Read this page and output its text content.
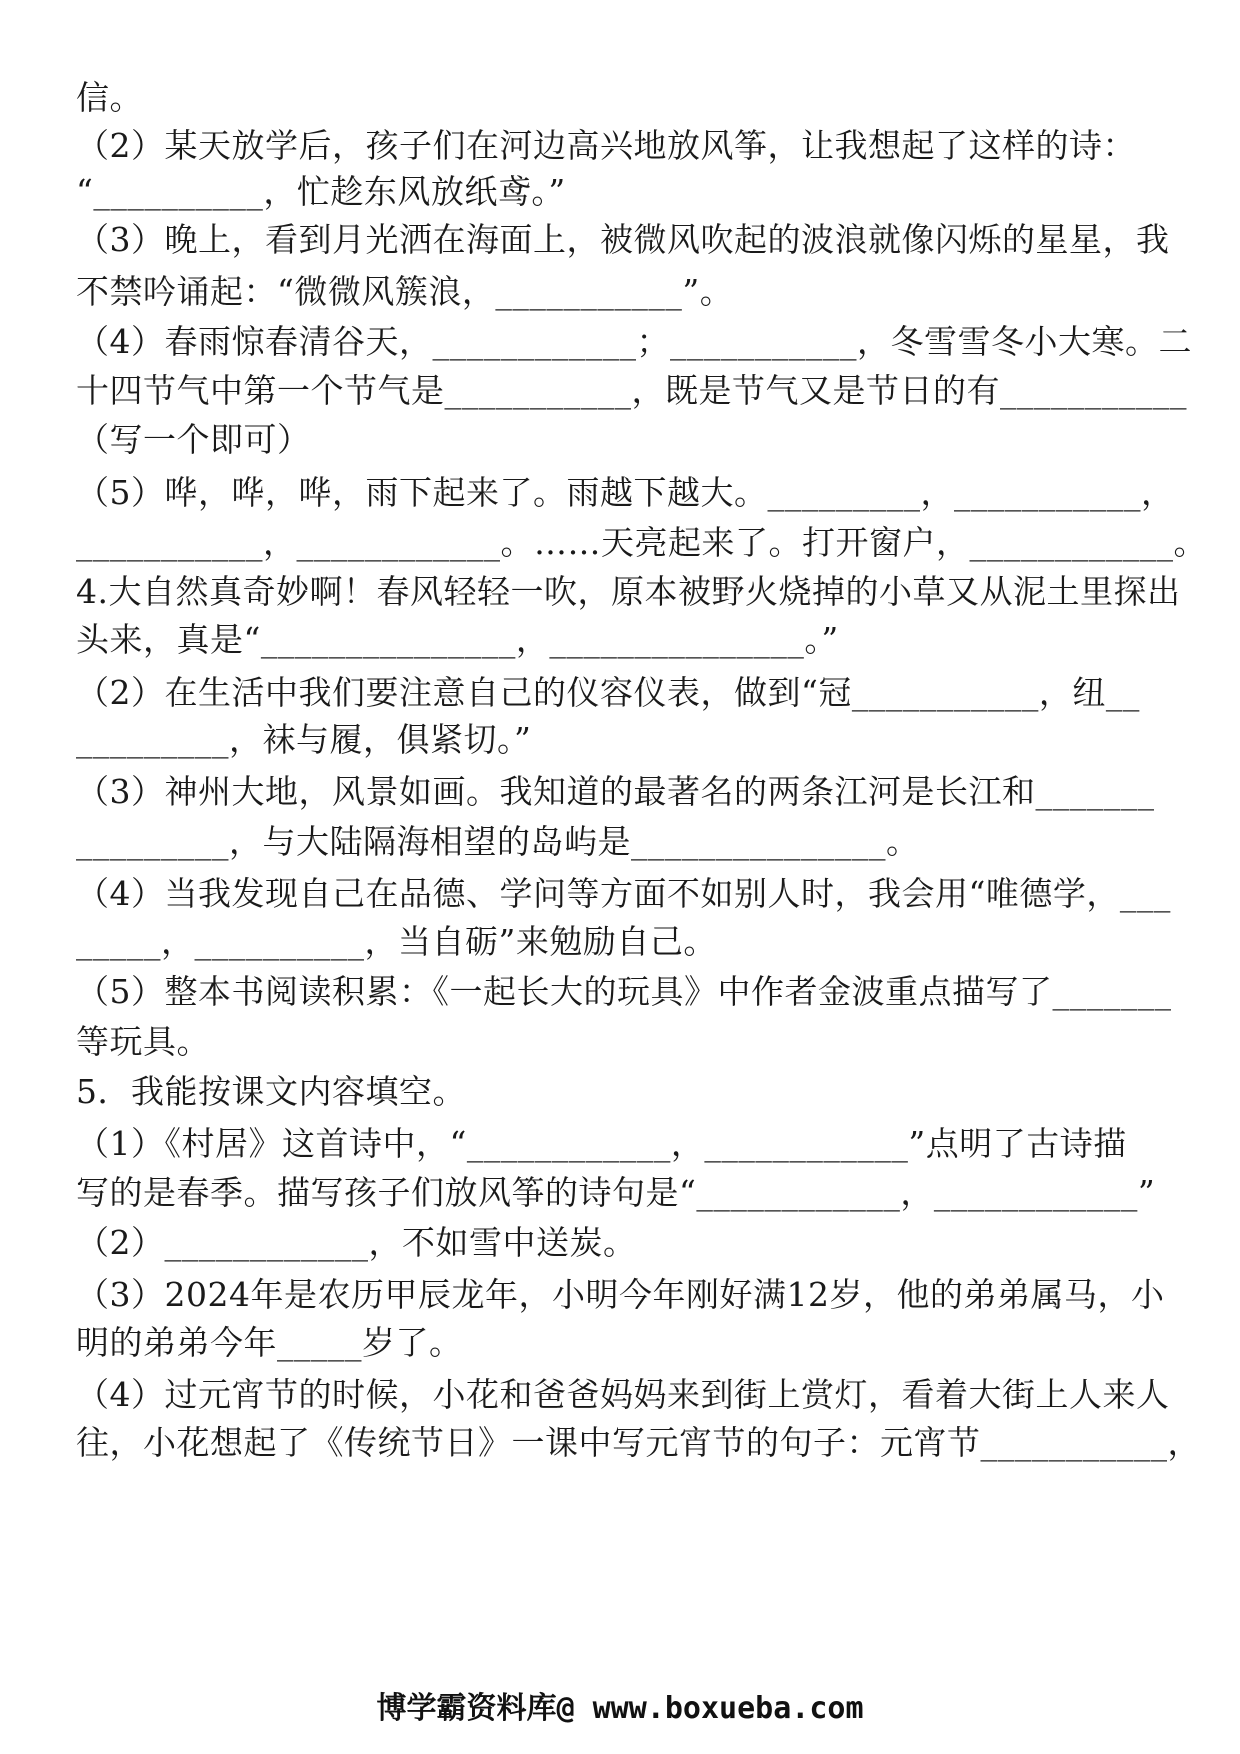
信。
（2）某天放学后，孩子们在河边高兴地放风筝，让我想起了这样的诗：
“__________，忙趁东风放纸鸢。”
（3）晚上，看到月光洒在海面上，被微风吹起的波浪就像闪烁的星星，我
不禁吟诵起：“微微风簇浪，___________”。
（4）春雨惊春清谷天，____________；___________，冬雪雪冬小大寒。二
十四节气中第一个节气是___________，既是节气又是节日的有___________
（写一个即可）
（5）哗，哗，哗，雨下起来了。雨越下越大。_________，___________，
___________，____________。……天亮起来了。打开窗户，____________。
4.大自然真奇妙啊！春风轻轻一吹，原本被野火烧掉的小草又从泥土里探出
头来，真是“_______________，_______________。”
（2）在生活中我们要注意自己的仪容仪表，做到“冠___________，纽__
_________，袜与履，俱紧切。”
（3）神州大地，风景如画。我知道的最著名的两条江河是长江和_______
_________，与大陆隔海相望的岛屿是_______________。
（4）当我发现自己在品德、学问等方面不如别人时，我会用“唯德学，___
_____，__________，当自砺”来勉励自己。
（5）整本书阅读积累：《一起长大的玩具》中作者金波重点描写了_______
等玩具。
5．我能按课文内容填空。
（1）《村居》这首诗中，“____________，____________”点明了古诗描
写的是春季。描写孩子们放风筝的诗句是“____________，____________”
（2）____________，不如雪中送炭。
（3）2024年是农历甲辰龙年，小明今年刚好满12岁，他的弟弟属马，小
明的弟弟今年_____岁了。
（4）过元宵节的时候，小花和爸爸妈妈来到街上赏灯，看着大街上人来人
往，小花想起了《传统节日》一课中写元宵节的句子：元宵节___________，
博学霸资料库@ www.boxueba.com
